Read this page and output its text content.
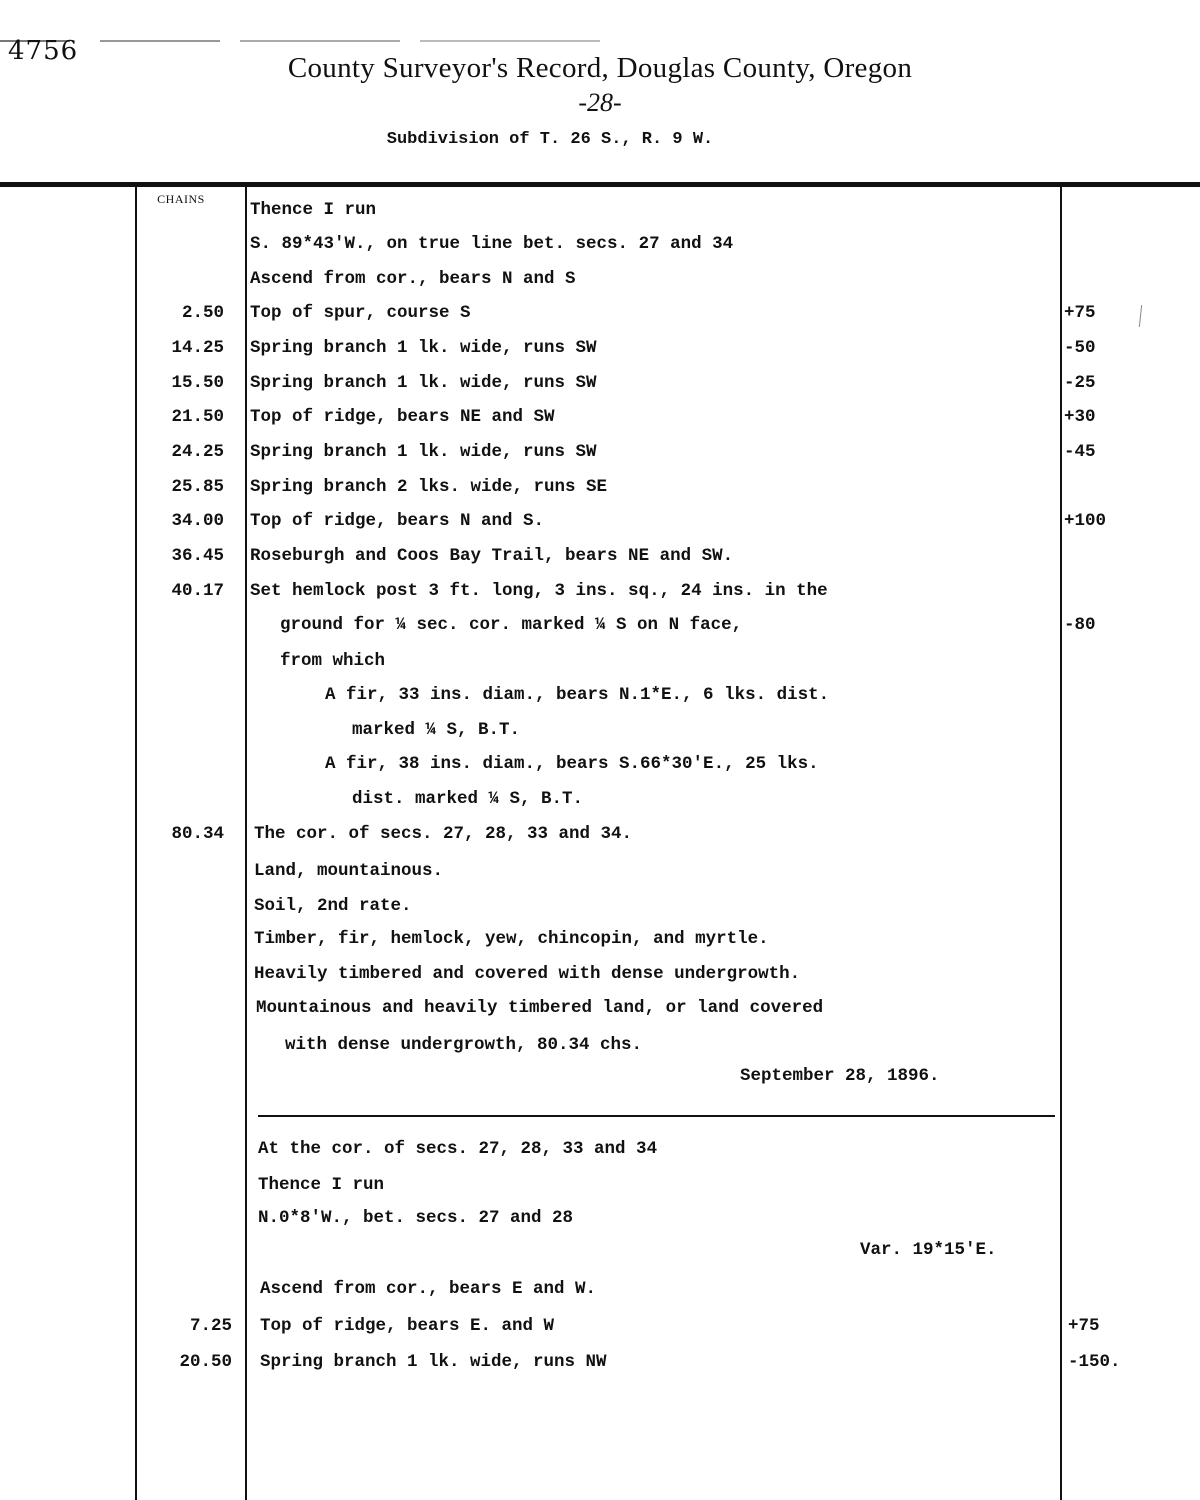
4756
County Surveyor's Record, Douglas County, Oregon
-28-
Subdivision of T. 26 S., R. 9 W.
CHAINS
Thence I run
S. 89*43'W., on true line bet. secs. 27 and 34
Ascend from cor., bears N and S
2.50 Top of spur, course S	+75
14.25 Spring branch 1 lk. wide, runs SW	-50
15.50 Spring branch 1 lk. wide, runs SW	-25
21.50 Top of ridge, bears NE and SW	+30
24.25 Spring branch 1 lk. wide, runs SW	-45
25.85 Spring branch 2 lks. wide, runs SE
34.00 Top of ridge, bears N and S.	+100
36.45 Roseburgh and Coos Bay Trail, bears NE and SW.
40.17 Set hemlock post 3 ft. long, 3 ins. sq., 24 ins. in the
ground for ¼ sec. cor. marked ¼ S on N face,	-80
from which
A fir, 33 ins. diam., bears N.1*E., 6 lks. dist.
marked ¼ S, B.T.
A fir, 38 ins. diam., bears S.66*30'E., 25 lks.
dist. marked ¼ S, B.T.
80.34 The cor. of secs. 27, 28, 33 and 34.
Land, mountainous.
Soil, 2nd rate.
Timber, fir, hemlock, yew, chincopin, and myrtle.
Heavily timbered and covered with dense undergrowth.
Mountainous and heavily timbered land, or land covered
with dense undergrowth, 80.34 chs.
September 28, 1896.
At the cor. of secs. 27, 28, 33 and 34
Thence I run
N.0*8'W., bet. secs. 27 and 28
Var. 19*15'E.
Ascend from cor., bears E and W.
7.25 Top of ridge, bears E. and W	+75
20.50 Spring branch 1 lk. wide, runs NW	-150.
